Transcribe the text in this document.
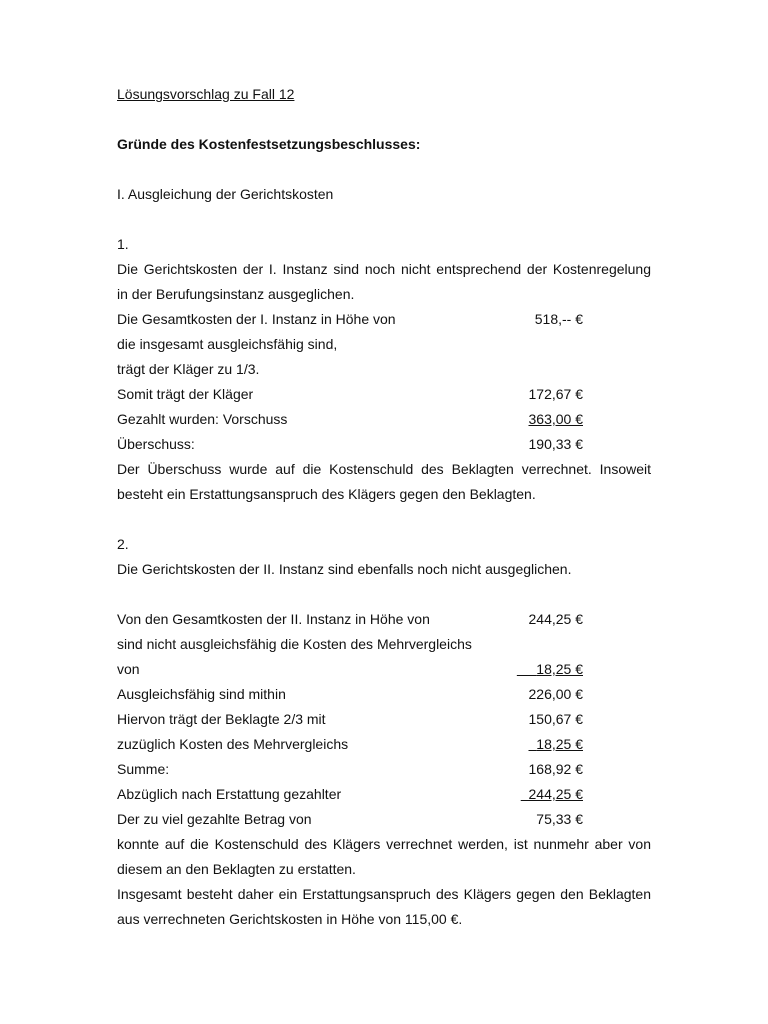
Lösungsvorschlag zu Fall 12
Gründe des Kostenfestsetzungsbeschlusses:
I. Ausgleichung der Gerichtskosten
1.
Die Gerichtskosten der I. Instanz sind noch nicht entsprechend der Kostenregelung
in der Berufungsinstanz ausgeglichen.
Die Gesamtkosten der I. Instanz in Höhe von	518,-- €
die insgesamt ausgleichsfähig sind,
trägt der Kläger zu 1/3.
Somit trägt der Kläger	172,67 €
Gezahlt wurden: Vorschuss	363,00 €
Überschuss:	190,33 €
Der Überschuss wurde auf die Kostenschuld des Beklagten verrechnet. Insoweit
besteht ein Erstattungsanspruch des Klägers gegen den Beklagten.
2.
Die Gerichtskosten der II. Instanz sind ebenfalls noch nicht ausgeglichen.
Von den Gesamtkosten der II. Instanz in Höhe von	244,25 €
sind nicht ausgleichsfähig die Kosten des Mehrvergleichs
von	18,25 €
Ausgleichsfähig sind mithin	226,00 €
Hiervon trägt der Beklagte 2/3 mit	150,67 €
zuzüglich Kosten des Mehrvergleichs	18,25 €
Summe:	168,92 €
Abzüglich nach Erstattung gezahlter	244,25 €
Der zu viel gezahlte Betrag von	75,33 €
konnte auf die Kostenschuld des Klägers verrechnet werden, ist nunmehr aber von
diesem an den Beklagten zu erstatten.
Insgesamt besteht daher ein Erstattungsanspruch des Klägers gegen den Beklagten
aus verrechneten Gerichtskosten in Höhe von 115,00 €.
